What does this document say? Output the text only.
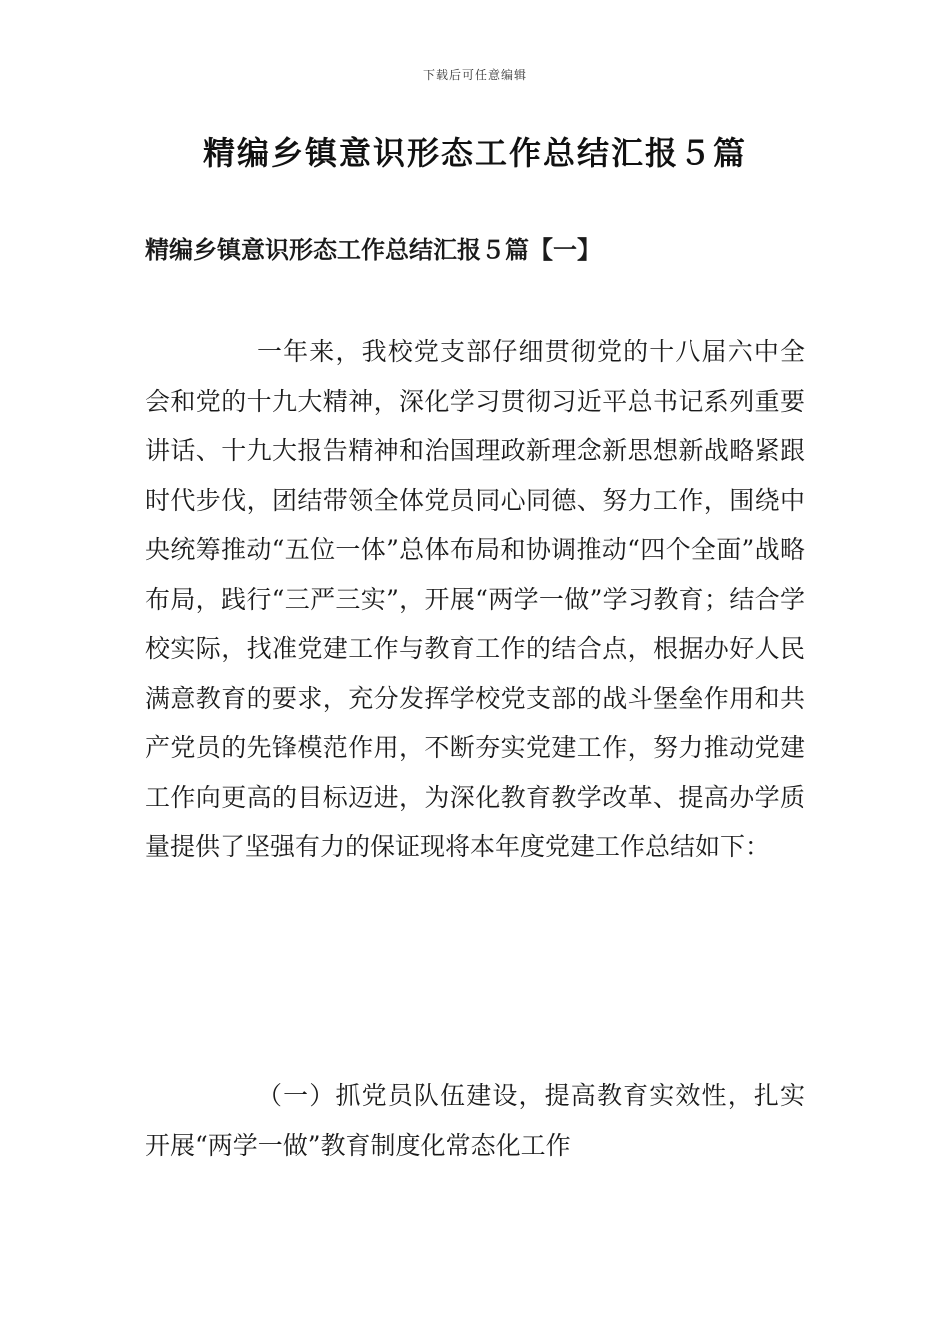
下载后可任意编辑
精编乡镇意识形态工作总结汇报５篇
精编乡镇意识形态工作总结汇报５篇【一】

一年来，我校党支部仔细贯彻党的十八届六中全会和党的十九大精神，深化学习贯彻习近平总书记系列重要讲话、十九大报告精神和治国理政新理念新思想新战略紧跟时代步伐，团结带领全体党员同心同德、努力工作，围绕中央统筹推动“五位一体”总体布局和协调推动“四个全面”战略布局，践行“三严三实”，开展“两学一做”学习教育；结合学校实际，找准党建工作与教育工作的结合点，根据办好人民满意教育的要求，充分发挥学校党支部的战斗堡垒作用和共产党员的先锋模范作用，不断夯实党建工作，努力推动党建工作向更高的目标迈进，为深化教育教学改革、提高办学质量提供了坚强有力的保证现将本年度党建工作总结如下：

（一）抓党员队伍建设，提高教育实效性，扎实开展“两学一做”教育制度化常态化工作
